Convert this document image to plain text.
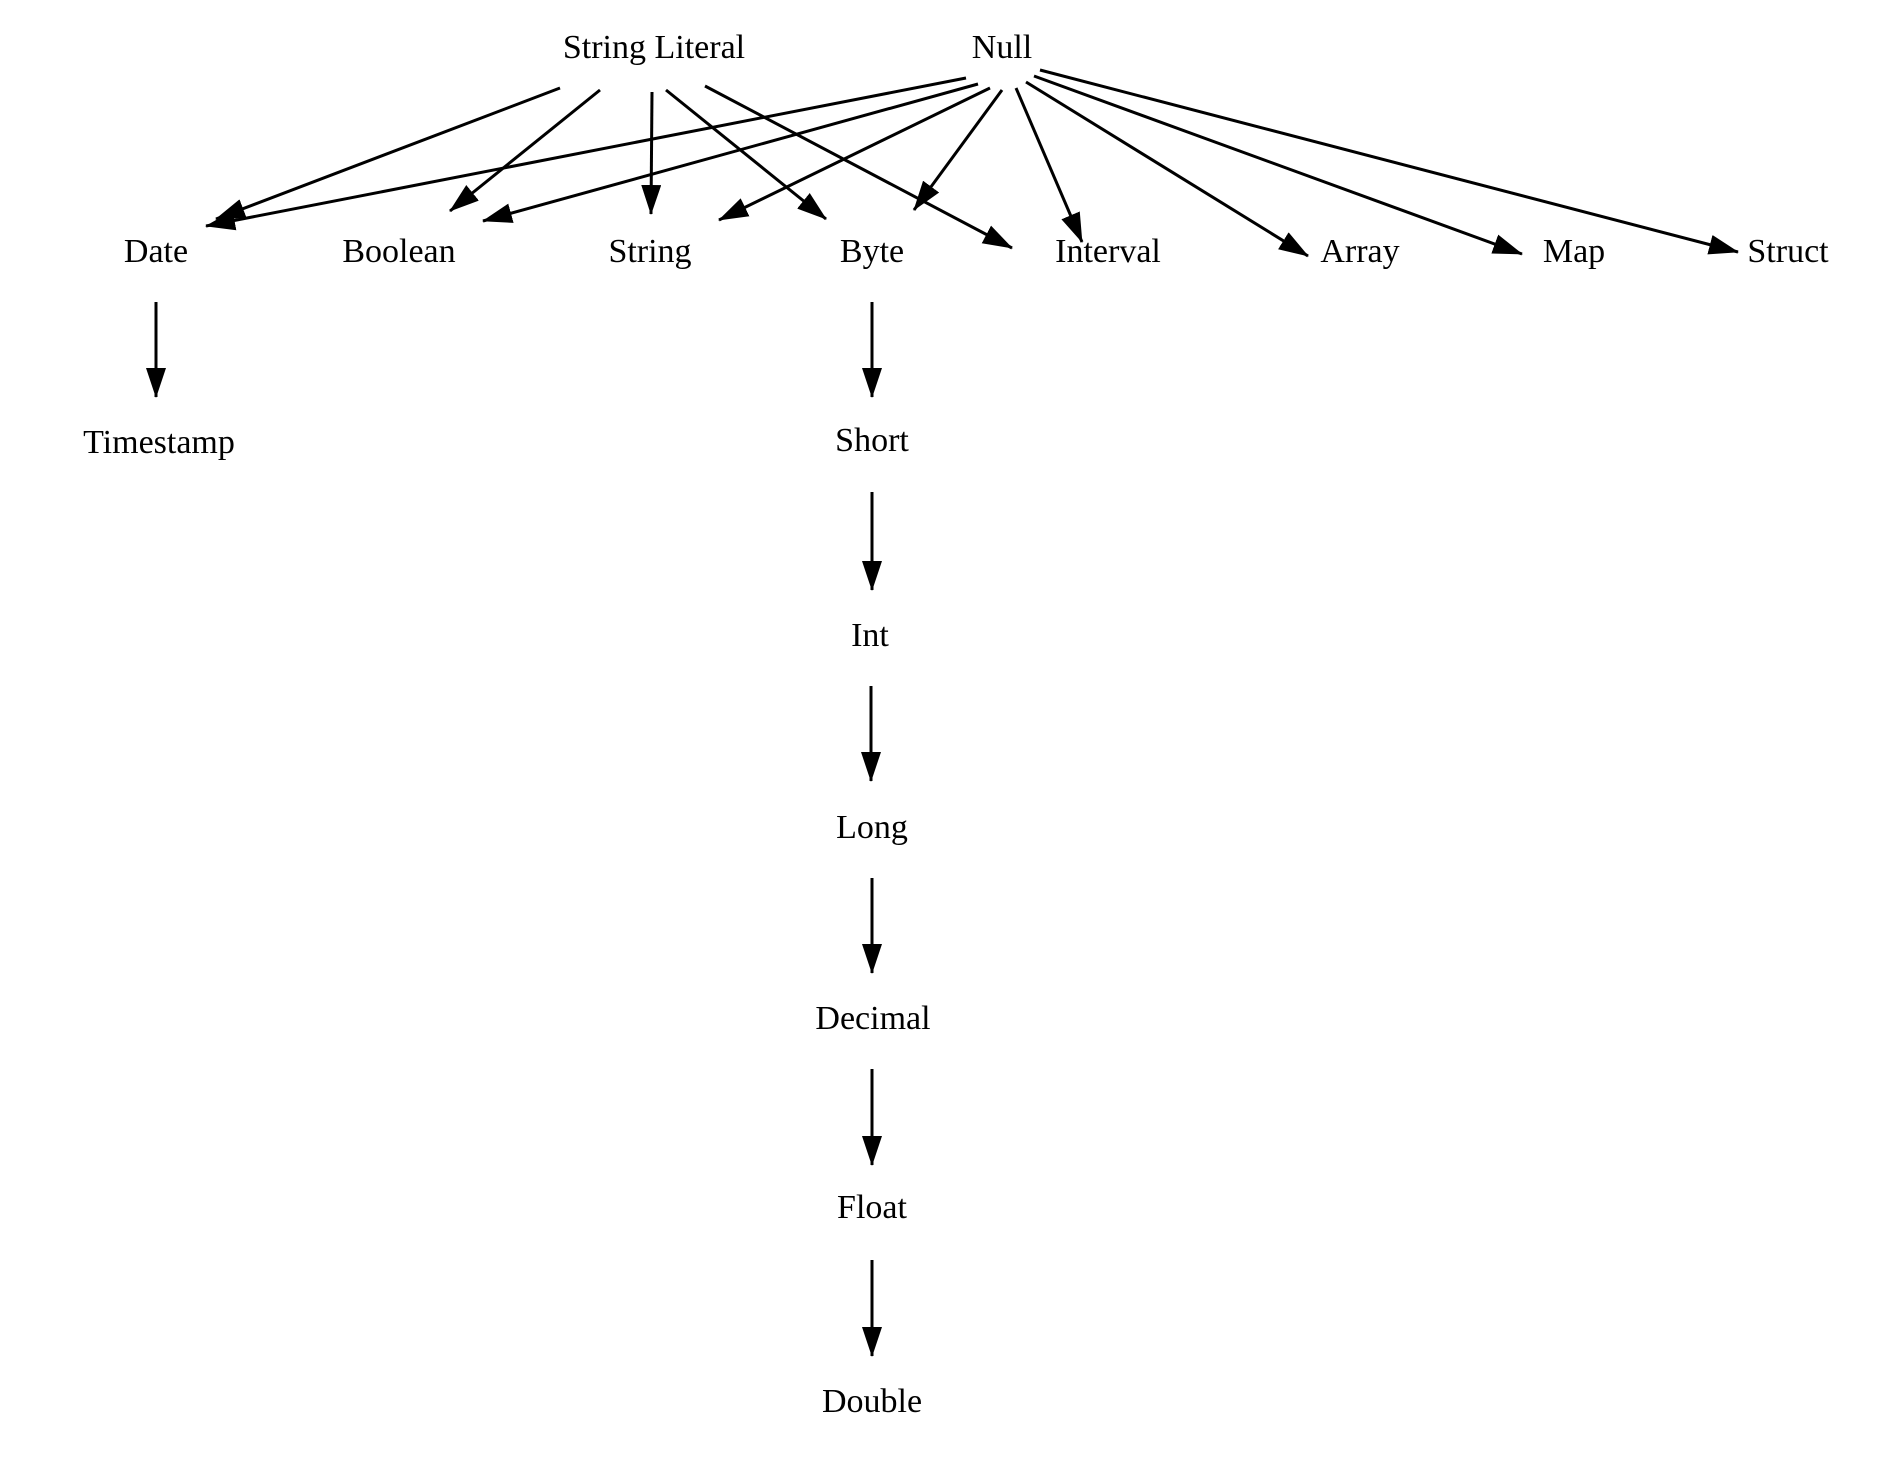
String Literal	Null
Date	Boolean	String	Byte	Interval	Array	Map	Struct
Timestamp	Short
Int
Long
Decimal
Float
Double
